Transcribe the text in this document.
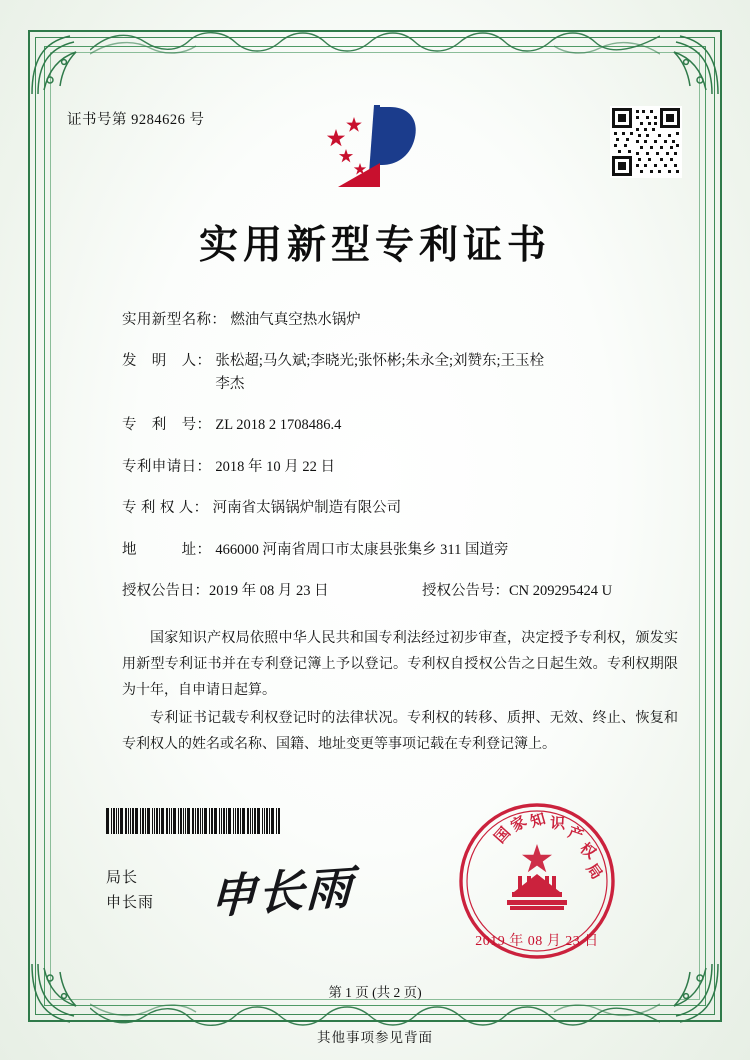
证书号第 9284626 号
实用新型专利证书
实用新型名称： 燃油气真空热水锅炉
发　明　人： 张松超;马久斌;李晓光;张怀彬;朱永全;刘赞东;王玉栓
李杰
专　利　号： ZL 2018 2 1708486.4
专利申请日： 2018 年 10 月 22 日
专 利 权 人： 河南省太锅锅炉制造有限公司
地　　　址： 466000 河南省周口市太康县张集乡 311 国道旁
授权公告日： 2019 年 08 月 23 日	授权公告号： CN 209295424 U

国家知识产权局依照中华人民共和国专利法经过初步审查，决定授予专利权，颁发实用新型专利证书并在专利登记簿上予以登记。专利权自授权公告之日起生效。专利权期限为十年，自申请日起算。

专利证书记载专利权登记时的法律状况。专利权的转移、质押、无效、终止、恢复和专利权人的姓名或名称、国籍、地址变更等事项记载在专利登记簿上。

局长
申长雨 申长雨
国
家
知 识 产
权
局
2019 年 08 月 23 日
第 1 页 (共 2 页)
其他事项参见背面
